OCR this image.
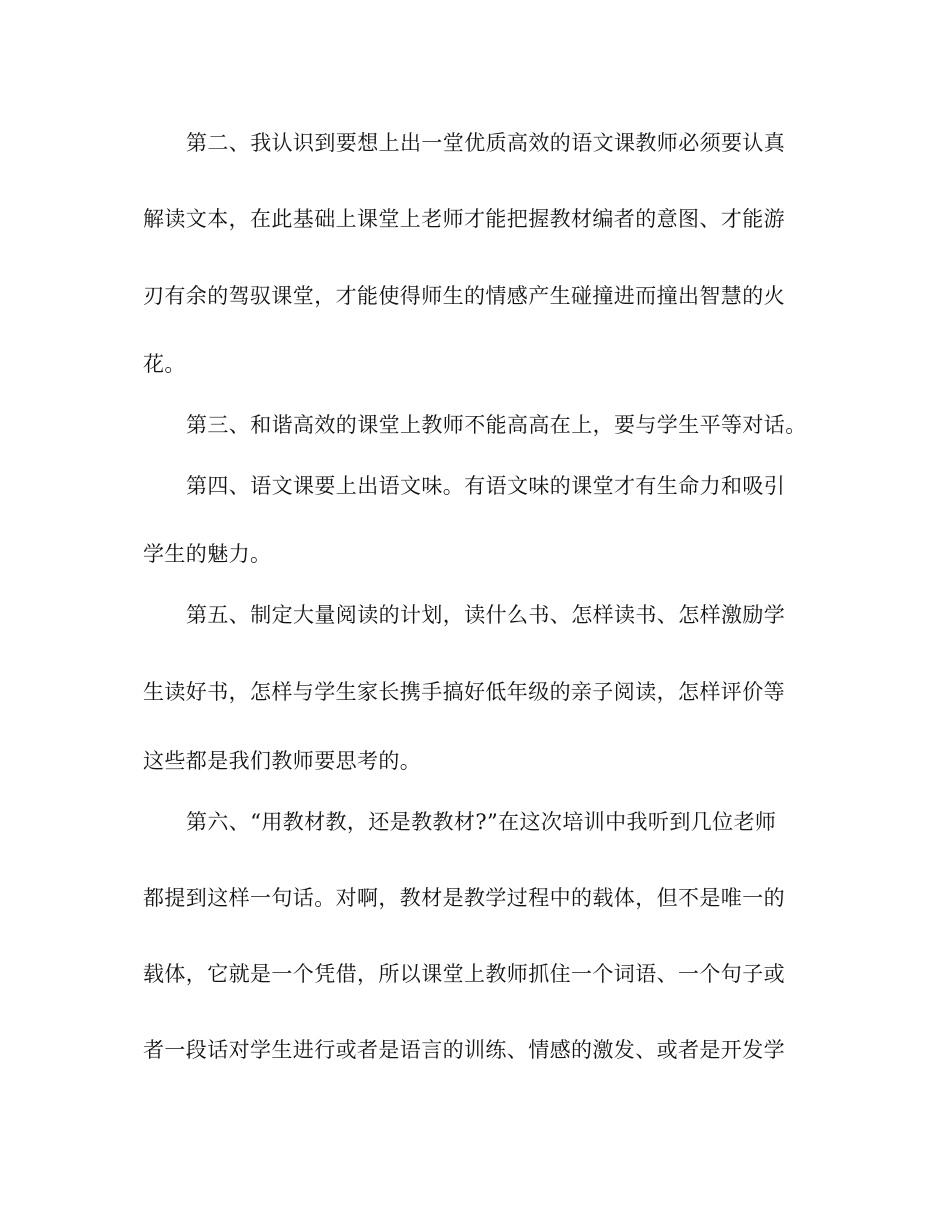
第二、我认识到要想上出一堂优质高效的语文课教师必须要认真
解读文本，在此基础上课堂上老师才能把握教材编者的意图、才能游
刃有余的驾驭课堂，才能使得师生的情感产生碰撞进而撞出智慧的火
花。
第三、和谐高效的课堂上教师不能高高在上，要与学生平等对话。
第四、语文课要上出语文味。有语文味的课堂才有生命力和吸引
学生的魅力。
第五、制定大量阅读的计划，读什么书、怎样读书、怎样激励学
生读好书，怎样与学生家长携手搞好低年级的亲子阅读，怎样评价等
这些都是我们教师要思考的。
第六、“用教材教，还是教教材?”在这次培训中我听到几位老师
都提到这样一句话。对啊，教材是教学过程中的载体，但不是唯一的
载体，它就是一个凭借，所以课堂上教师抓住一个词语、一个句子或
者一段话对学生进行或者是语言的训练、情感的激发、或者是开发学
